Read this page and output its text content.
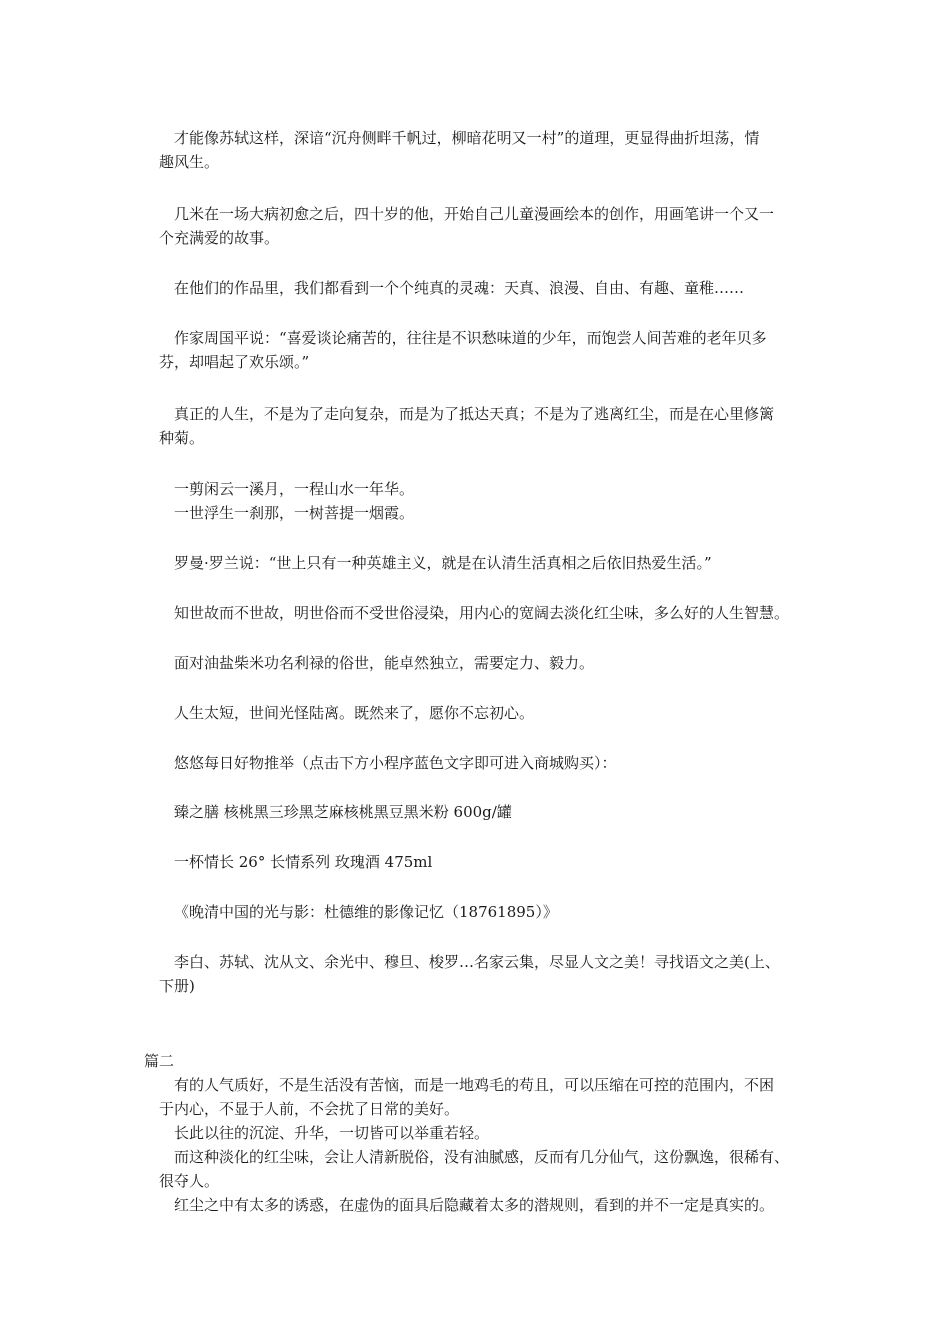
才能像苏轼这样，深谙“沉舟侧畔千帆过，柳暗花明又一村”的道理，更显得曲折坦荡，情
趣风生。
几米在一场大病初愈之后，四十岁的他，开始自己儿童漫画绘本的创作，用画笔讲一个又一
个充满爱的故事。
在他们的作品里，我们都看到一个个纯真的灵魂：天真、浪漫、自由、有趣、童稚……
作家周国平说：“喜爱谈论痛苦的，往往是不识愁味道的少年，而饱尝人间苦难的老年贝多
芬，却唱起了欢乐颂。”
真正的人生，不是为了走向复杂，而是为了抵达天真；不是为了逃离红尘，而是在心里修篱
种菊。
一剪闲云一溪月，一程山水一年华。
一世浮生一刹那，一树菩提一烟霞。
罗曼·罗兰说：“世上只有一种英雄主义，就是在认清生活真相之后依旧热爱生活。”
知世故而不世故，明世俗而不受世俗浸染，用内心的宽阔去淡化红尘味，多么好的人生智慧。
面对油盐柴米功名利禄的俗世，能卓然独立，需要定力、毅力。
人生太短，世间光怪陆离。既然来了，愿你不忘初心。
悠悠每日好物推举（点击下方小程序蓝色文字即可进入商城购买）：
臻之膳 核桃黑三珍黑芝麻核桃黑豆黑米粉 600g/罐
一杯情长 26° 长情系列 玫瑰酒 475ml
《晚清中国的光与影：杜德维的影像记忆（18761895）》
李白、苏轼、沈从文、余光中、穆旦、梭罗…名家云集，尽显人文之美！寻找语文之美(上、
下册)
篇二
有的人气质好，不是生活没有苦恼，而是一地鸡毛的苟且，可以压缩在可控的范围内，不困
于内心，不显于人前，不会扰了日常的美好。
长此以往的沉淀、升华，一切皆可以举重若轻。
而这种淡化的红尘味，会让人清新脱俗，没有油腻感，反而有几分仙气，这份飘逸，很稀有、
很夺人。
红尘之中有太多的诱惑，在虚伪的面具后隐藏着太多的潜规则，看到的并不一定是真实的。
